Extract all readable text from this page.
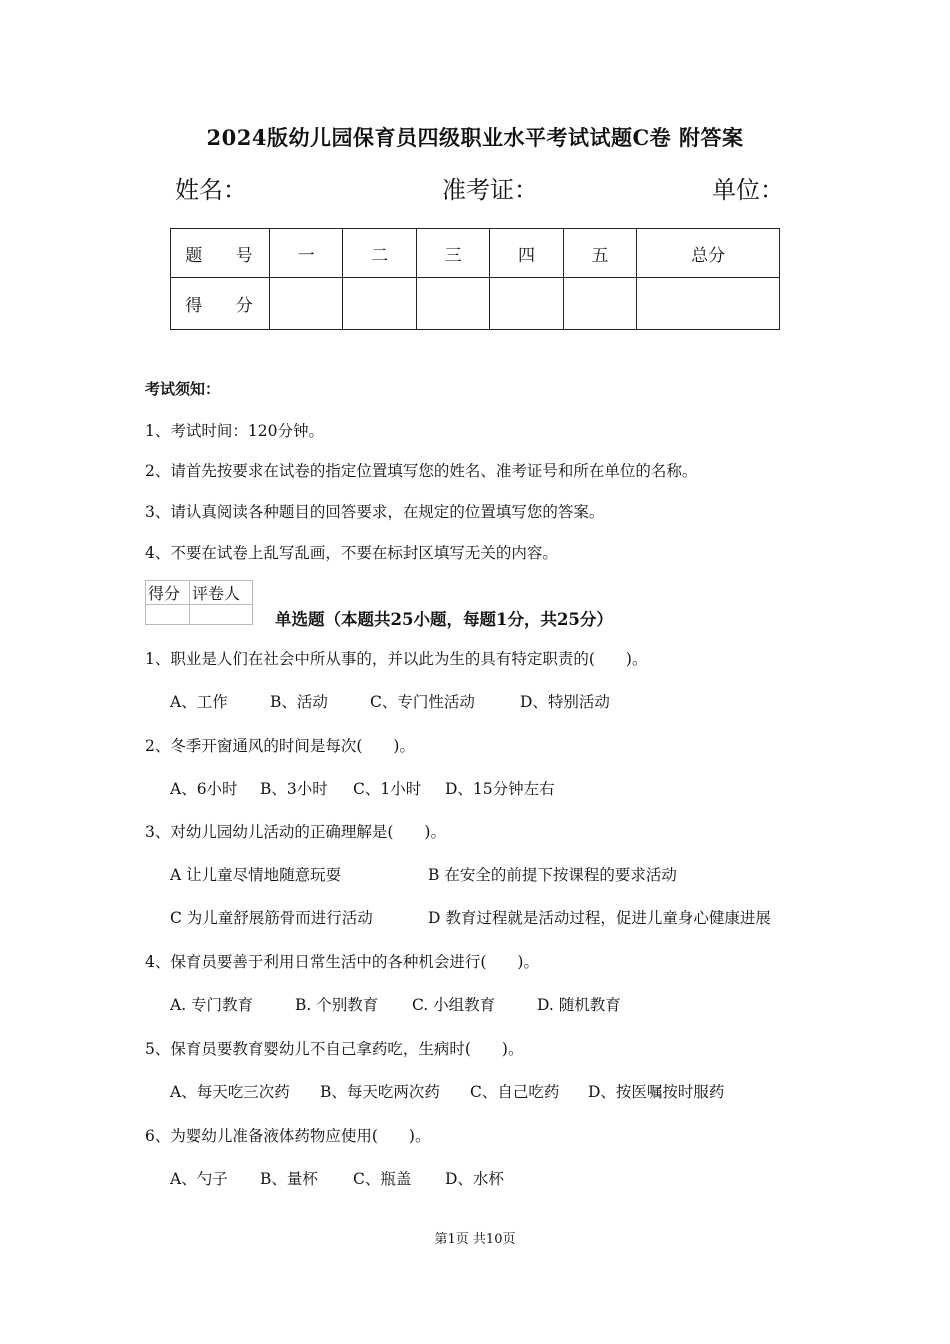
2024版幼儿园保育员四级职业水平考试试题C卷 附答案
姓名：	准考证：	单位：
题 号	一	二	三	四	五	总分
得 分						
考试须知：
1、考试时间：120分钟。
2、请首先按要求在试卷的指定位置填写您的姓名、准考证号和所在单位的名称。
3、请认真阅读各种题目的回答要求，在规定的位置填写您的答案。
4、不要在试卷上乱写乱画，不要在标封区填写无关的内容。
得分	评卷人

单选题（本题共25小题，每题1分，共25分）
1、职业是人们在社会中所从事的，并以此为生的具有特定职责的(　　)。
A、工作	B、活动	C、专门性活动	D、特别活动
2、冬季开窗通风的时间是每次(　　)。
A、6小时 B、3小时 C、1小时 D、15分钟左右
3、对幼儿园幼儿活动的正确理解是(　　)。
A 让儿童尽情地随意玩耍	B 在安全的前提下按课程的要求活动
C 为儿童舒展筋骨而进行活动	D 教育过程就是活动过程，促进儿童身心健康进展
4、保育员要善于利用日常生活中的各种机会进行(　　)。
A. 专门教育	B. 个别教育 C. 小组教育	D. 随机教育
5、保育员要教育婴幼儿不自己拿药吃，生病时(　　)。
A、每天吃三次药 B、每天吃两次药 C、自己吃药 D、按医嘱按时服药
6、为婴幼儿准备液体药物应使用(　　)。
A、勺子 B、量杯 C、瓶盖 D、水杯
第1页 共10页
